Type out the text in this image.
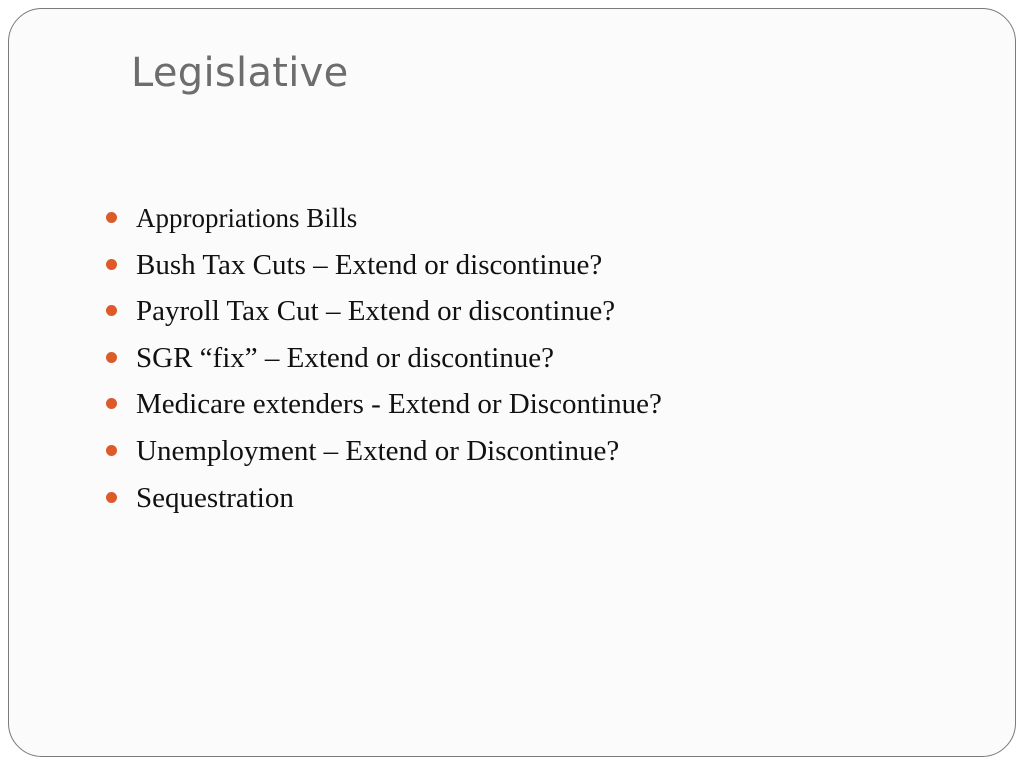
Legislative
Appropriations Bills
Bush Tax Cuts – Extend or discontinue?
Payroll Tax Cut – Extend or discontinue?
SGR “fix” – Extend or discontinue?
Medicare extenders - Extend or Discontinue?
Unemployment – Extend or Discontinue?
Sequestration
